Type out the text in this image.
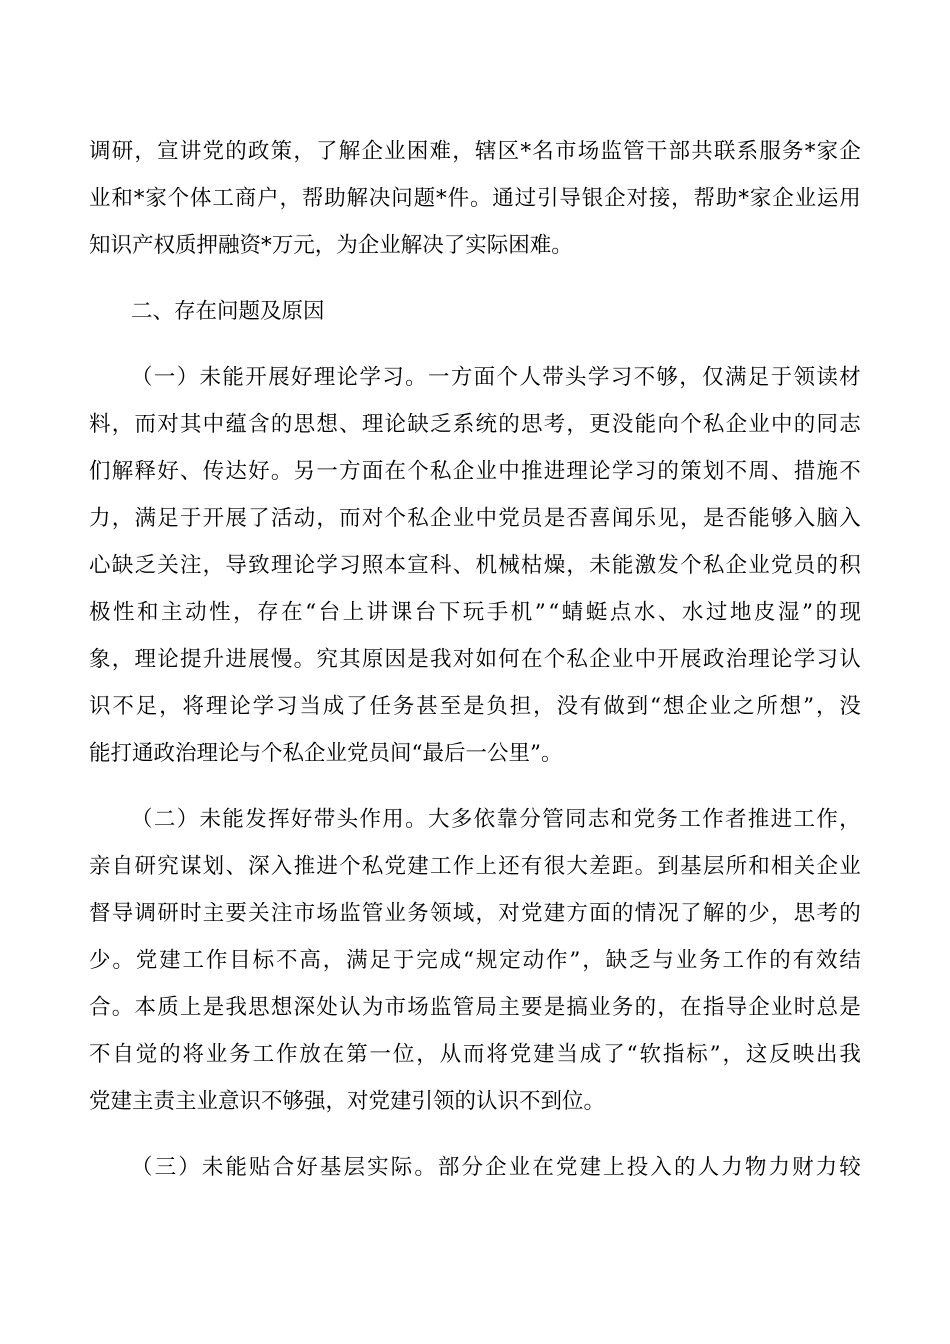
调 研 ， 宣 讲 党 的 政 策 ， 了 解 企 业 困 难 ， 辖 区 * 名 市 场 监 管 干 部 共 联 系 服 务 * 家 企
业 和 * 家 个 体 工 商 户 ， 帮 助 解 决 问 题 * 件 。 通 过 引 导 银 企 对 接 ， 帮 助 * 家 企 业 运 用
知识产权质押融资*万元，为企业解决了实际困难。
二、存在问题及原因
（ 一 ） 未 能 开 展 好 理 论 学 习 。 一 方 面 个 人 带 头 学 习 不 够 ， 仅 满 足 于 领 读 材
料 ， 而 对 其 中 蕴 含 的 思 想 、 理 论 缺 乏 系 统 的 思 考 ， 更 没 能 向 个 私 企 业 中 的 同 志
们 解 释 好 、 传 达 好 。 另 一 方 面 在 个 私 企 业 中 推 进 理 论 学 习 的 策 划 不 周 、 措 施 不
力 ， 满 足 于 开 展 了 活 动 ， 而 对 个 私 企 业 中 党 员 是 否 喜 闻 乐 见 ， 是 否 能 够 入 脑 入
心 缺 乏 关 注 ， 导 致 理 论 学 习 照 本 宣 科 、 机 械 枯 燥 ， 未 能 激 发 个 私 企 业 党 员 的 积
极 性 和 主 动 性 ， 存 在 “ 台 上 讲 课 台 下 玩 手 机 ” “ 蜻 蜓 点 水 、 水 过 地 皮 湿 ” 的 现
象 ， 理 论 提 升 进 展 慢 。 究 其 原 因 是 我 对 如 何 在 个 私 企 业 中 开 展 政 治 理 论 学 习 认
识 不 足 ， 将 理 论 学 习 当 成 了 任 务 甚 至 是 负 担 ， 没 有 做 到 “ 想 企 业 之 所 想 ” ， 没
能打通政治理论与个私企业党员间“最后一公里”。
（ 二 ） 未 能 发 挥 好 带 头 作 用 。 大 多 依 靠 分 管 同 志 和 党 务 工 作 者 推 进 工 作 ，
亲 自 研 究 谋 划 、 深 入 推 进 个 私 党 建 工 作 上 还 有 很 大 差 距 。 到 基 层 所 和 相 关 企 业
督 导 调 研 时 主 要 关 注 市 场 监 管 业 务 领 域 ， 对 党 建 方 面 的 情 况 了 解 的 少 ， 思 考 的
少 。 党 建 工 作 目 标 不 高 ， 满 足 于 完 成 “ 规 定 动 作 ” ， 缺 乏 与 业 务 工 作 的 有 效 结
合 。 本 质 上 是 我 思 想 深 处 认 为 市 场 监 管 局 主 要 是 搞 业 务 的 ， 在 指 导 企 业 时 总 是
不 自 觉 的 将 业 务 工 作 放 在 第 一 位 ， 从 而 将 党 建 当 成 了 “ 软 指 标 ” ， 这 反 映 出 我
党建主责主业意识不够强，对党建引领的认识不到位。
（ 三 ） 未 能 贴 合 好 基 层 实 际 。 部 分 企 业 在 党 建 上 投 入 的 人 力 物 力 财 力 较
